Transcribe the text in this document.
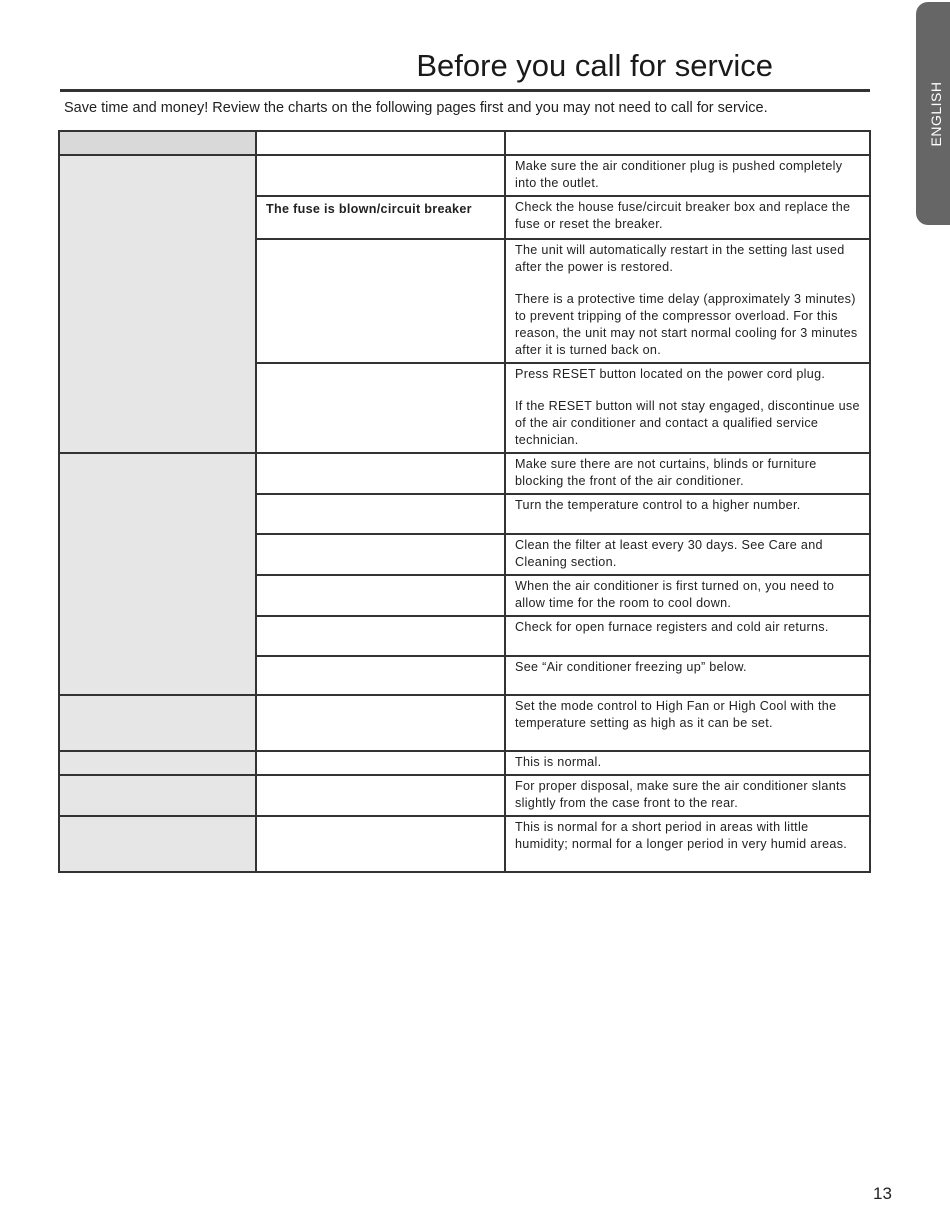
Before you call for service

Save time and money! Review the charts on the following pages first and you may not need to call for service.	ENGLISH

		Make sure the air conditioner plug is pushed completely into the outlet.

	The fuse is blown/circuit breaker	Check the house fuse/circuit breaker box and replace the fuse or reset the breaker.

		The unit will automatically restart in the setting last used after the power is restored.

There is a protective time delay (approximately 3 minutes) to prevent tripping of the compressor overload. For this reason, the unit may not start normal cooling for 3 minutes after it is turned back on.

		Press RESET button located on the power cord plug.

If the RESET button will not stay engaged, discontinue use of the air conditioner and contact a qualified service technician.

		Make sure there are not curtains, blinds or furniture blocking the front of the air conditioner.

		Turn the temperature control to a higher number.

		Clean the filter at least every 30 days. See Care and Cleaning section.

		When the air conditioner is first turned on, you need to allow time for the room to cool down.

		Check for open furnace registers and cold air returns.

		See “Air conditioner freezing up” below.

		Set the mode control to High Fan or High Cool with the temperature setting as high as it can be set.

		This is normal.

		For proper disposal, make sure the air conditioner slants slightly from the case front to the rear.

		This is normal for a short period in areas with little humidity; normal for a longer period in very humid areas.

13
